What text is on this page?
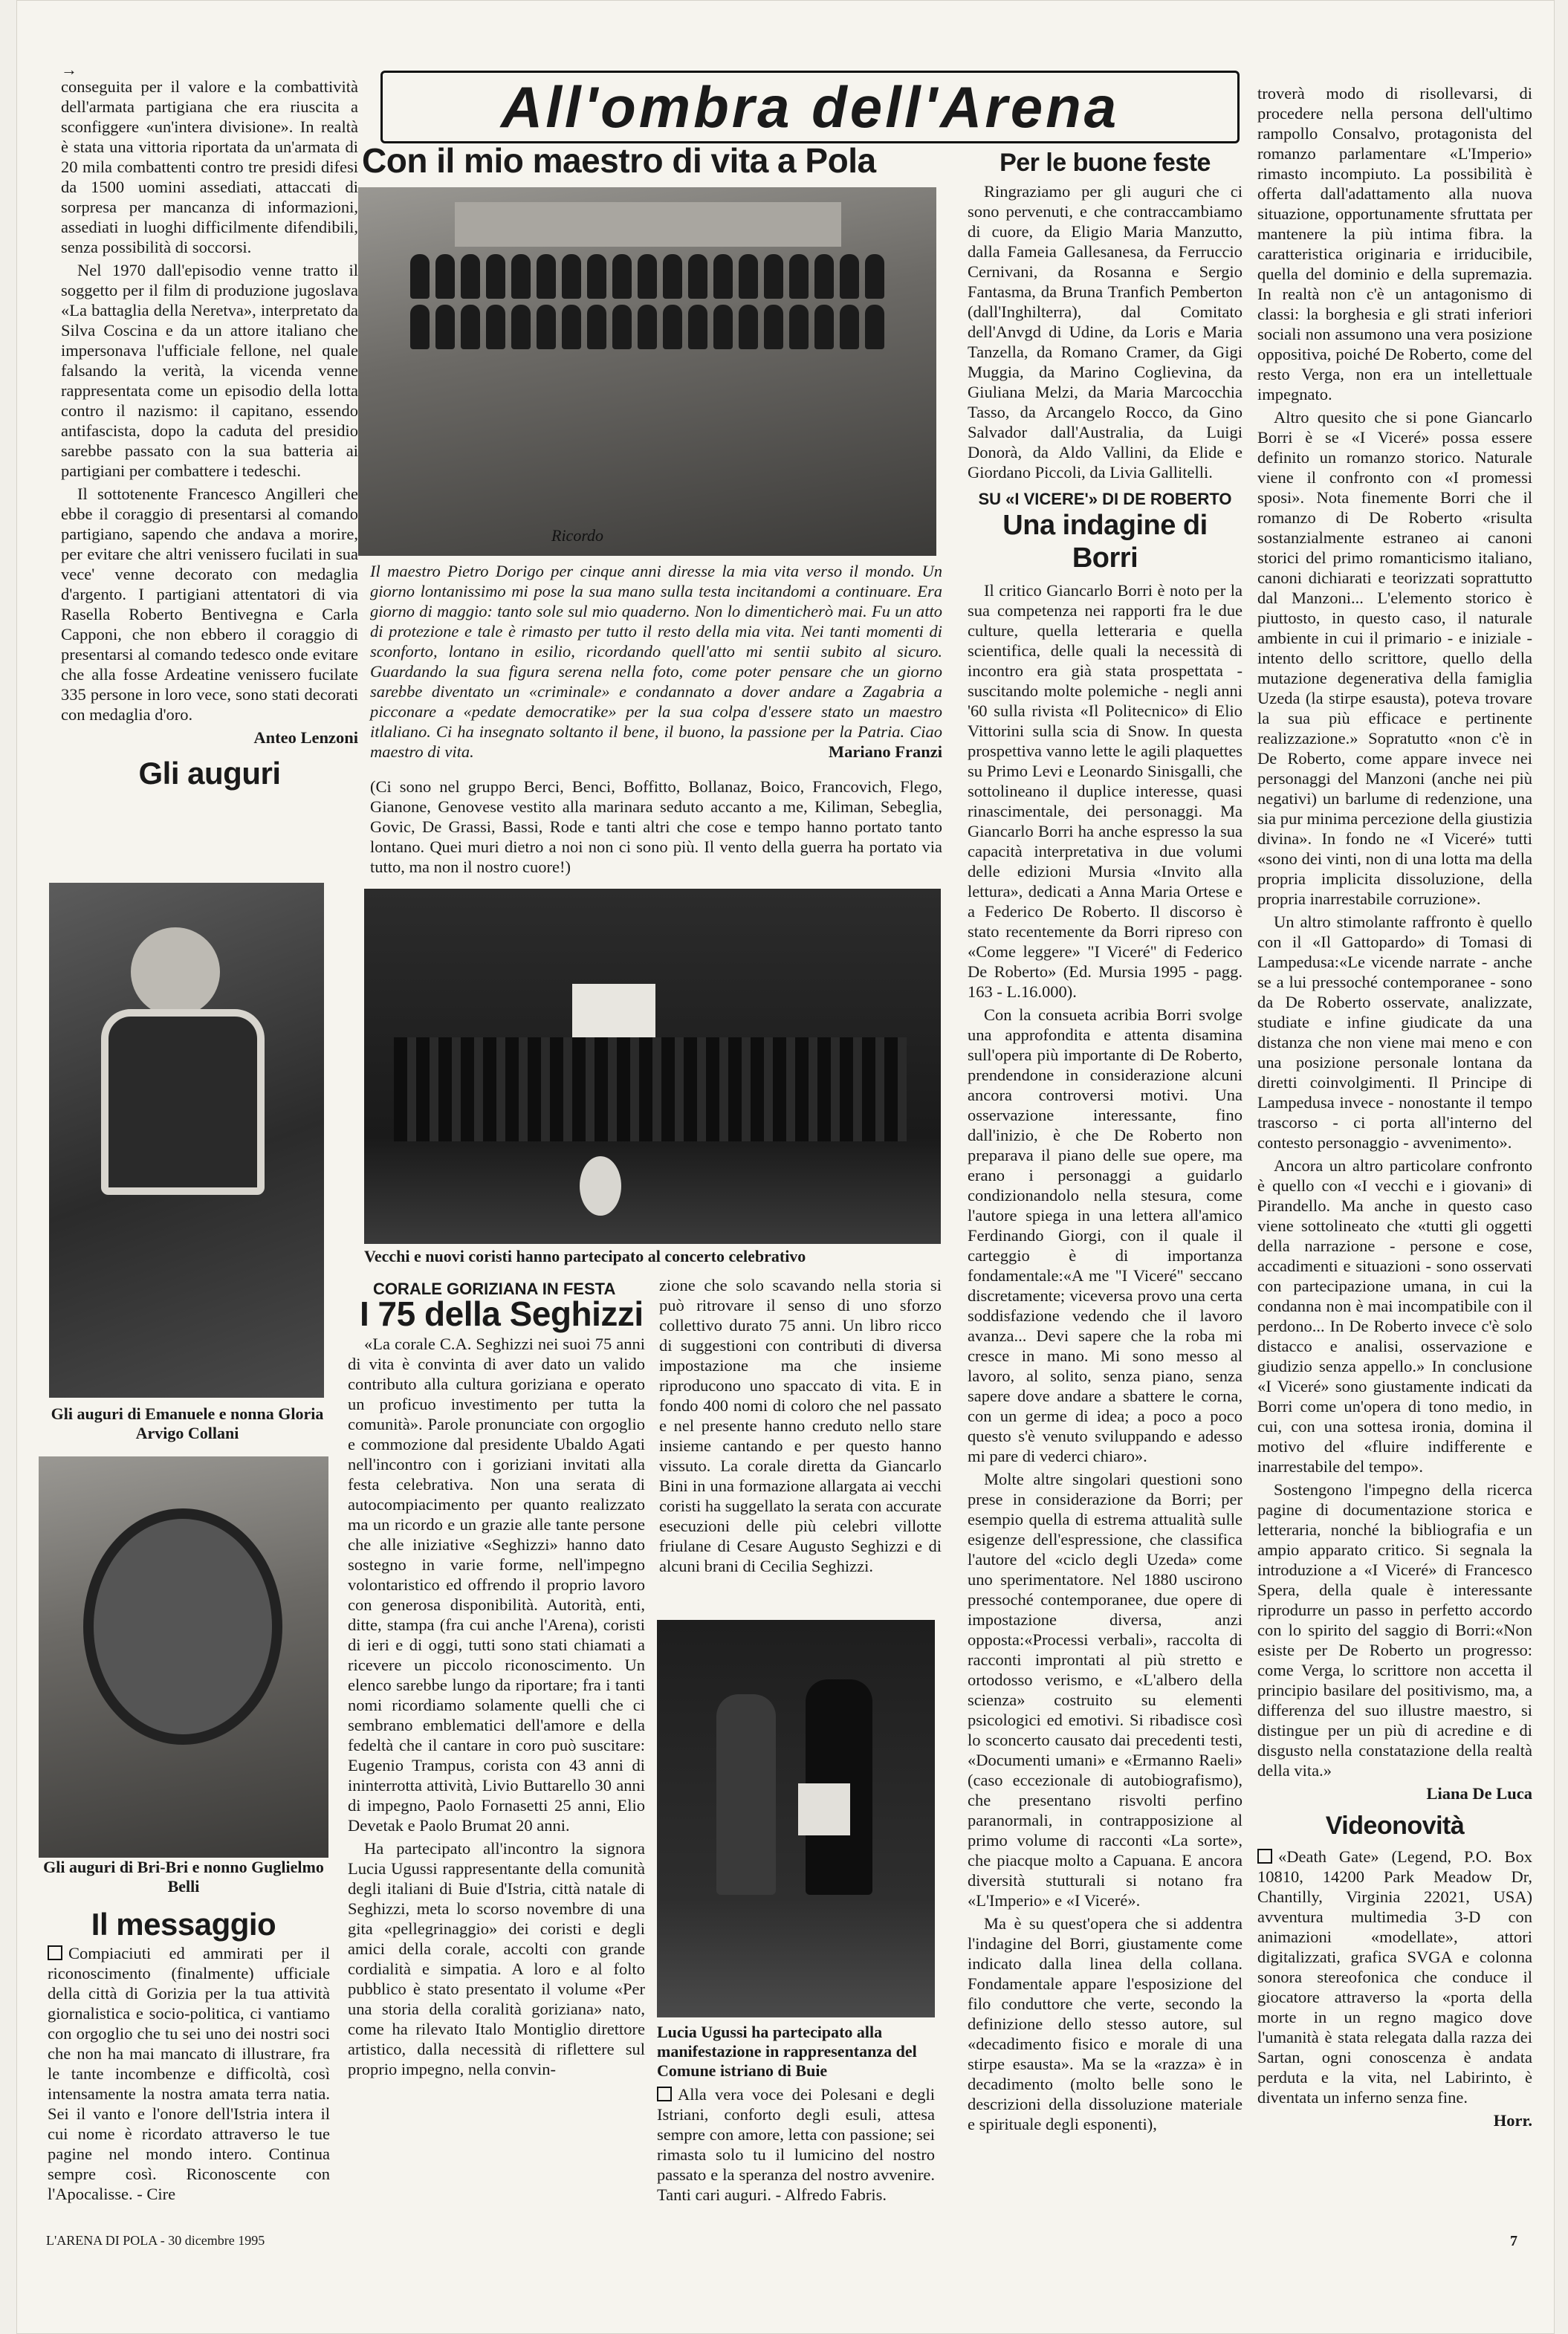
All'ombra dell'Arena
→

conseguita per il valore e la combattività dell'armata partigiana che era riuscita a sconfiggere «un'intera divisione». In realtà è stata una vittoria riportata da un'armata di 20 mila combattenti contro tre presidi difesi da 1500 uomini assediati, attaccati di sorpresa per mancanza di informazioni, assediati in luoghi difficilmente difendibili, senza possibilità di soccorsi.

Nel 1970 dall'episodio venne tratto il soggetto per il film di produzione jugoslava «La battaglia della Neretva», interpretato da Silva Coscina e da un attore italiano che impersonava l'ufficiale fellone, nel quale falsando la verità, la vicenda venne rappresentata come un episodio della lotta contro il nazismo: il capitano, essendo antifascista, dopo la caduta del presidio sarebbe passato con la sua batteria ai partigiani per combattere i tedeschi.

Il sottotenente Francesco Angilleri che ebbe il coraggio di presentarsi al comando partigiano, sapendo che andava a morire, per evitare che altri venissero fucilati in sua vece' venne decorato con medaglia d'argento. I partigiani attentatori di via Rasella Roberto Bentivegna e Carla Capponi, che non ebbero il coraggio di presentarsi al comando tedesco onde evitare che alla fosse Ardeatine venissero fucilate 335 persone in loro vece, sono stati decorati con medaglia d'oro.

Anteo Lenzoni
Gli auguri
Gli auguri di Emanuele e nonna Gloria Arvigo Collani
Gli auguri di Bri-Bri e nonno Guglielmo Belli
Il messaggio

Compiaciuti ed ammirati per il riconoscimento (finalmente) ufficiale della città di Gorizia per la tua attività giornalistica e socio-politica, ci vantiamo con orgoglio che tu sei uno dei nostri soci che non ha mai mancato di illustrare, fra le tante incombenze e difficoltà, così intensamente la nostra amata terra natia. Sei il vanto e l'onore dell'Istria intera il cui nome è ricordato attraverso le tue pagine nel mondo intero. Continua sempre così. Riconoscente con l'Apocalisse. - Cire

Con il mio maestro di vita a Pola
Ricordo
Il maestro Pietro Dorigo per cinque anni diresse la mia vita verso il mondo. Un giorno lontanissimo mi pose la sua mano sulla testa incitandomi a continuare. Era giorno di maggio: tanto sole sul mio quaderno. Non lo dimenticherò mai. Fu un atto di protezione e tale è rimasto per tutto il resto della mia vita. Nei tanti momenti di sconforto, lontano in esilio, ricordando quell'atto mi sentii subito al sicuro. Guardando la sua figura serena nella foto, come poter pensare che un giorno sarebbe diventato un «criminale» e condannato a dover andare a Zagabria a picconare a «pedate democratike» per la sua colpa d'essere stato un maestro itlaliano. Ci ha insegnato soltanto il bene, il buono, la passione per la Patria. Ciao maestro di vita.	Mariano Franzi

(Ci sono nel gruppo Berci, Benci, Boffitto, Bollanaz, Boico, Francovich, Flego, Gianone, Genovese vestito alla marinara seduto accanto a me, Kiliman, Sebeglia, Govic, De Grassi, Bassi, Rode e tanti altri che cose e tempo hanno portato tanto lontano. Quei muri dietro a noi non ci sono più. Il vento della guerra ha portato via tutto, ma non il nostro cuore!)

Vecchi e nuovi coristi hanno partecipato al concerto celebrativo
CORALE GORIZIANA IN FESTA
I 75 della Seghizzi

«La corale C.A. Seghizzi nei suoi 75 anni di vita è convinta di aver dato un valido contributo alla cultura goriziana e operato un proficuo investimento per tutta la comunità». Parole pronunciate con orgoglio e commozione dal presidente Ubaldo Agati nell'incontro con i goriziani invitati alla festa celebrativa. Non una serata di autocompiacimento per quanto realizzato ma un ricordo e un grazie alle tante persone che alle iniziative «Seghizzi» hanno dato sostegno in varie forme, nell'impegno volontaristico ed offrendo il proprio lavoro con generosa disponibilità. Autorità, enti, ditte, stampa (fra cui anche l'Arena), coristi di ieri e di oggi, tutti sono stati chiamati a ricevere un piccolo riconoscimento. Un elenco sarebbe lungo da riportare; fra i tanti nomi ricordiamo solamente quelli che ci sembrano emblematici dell'amore e della fedeltà che il cantare in coro può suscitare: Eugenio Trampus, corista con 43 anni di ininterrotta attività, Livio Buttarello 30 anni di impegno, Paolo Fornasetti 25 anni, Elio Devetak e Paolo Brumat 20 anni.

Ha partecipato all'incontro la signora Lucia Ugussi rappresentante della comunità degli italiani di Buie d'Istria, città natale di Seghizzi, meta lo scorso novembre di una gita «pellegrinaggio» dei coristi e degli amici della corale, accolti con grande cordialità e simpatia. A loro e al folto pubblico è stato presentato il volume «Per una storia della coralità goriziana» nato, come ha rilevato Italo Montiglio direttore artistico, dalla necessità di riflettere sul proprio impegno, nella convin-

zione che solo scavando nella storia si può ritrovare il senso di uno sforzo collettivo durato 75 anni. Un libro ricco di suggestioni con contributi di diversa impostazione ma che insieme riproducono uno spaccato di vita. E in fondo 400 nomi di coloro che nel passato e nel presente hanno creduto nello stare insieme cantando e per questo hanno vissuto. La corale diretta da Giancarlo Bini in una formazione allargata ai vecchi coristi ha suggellato la serata con accurate esecuzioni delle più celebri villotte friulane di Cesare Augusto Seghizzi e di alcuni brani di Cecilia Seghizzi.

Lucia Ugussi ha partecipato alla manifestazione in rappresentanza del Comune istriano di Buie

Alla vera voce dei Polesani e degli Istriani, conforto degli esuli, attesa sempre con amore, letta con passione; sei rimasta solo tu il lumicino del nostro passato e la speranza del nostro avvenire. Tanti cari auguri. - Alfredo Fabris.

Per le buone feste

Ringraziamo per gli auguri che ci sono pervenuti, e che contraccambiamo di cuore, da Eligio Maria Manzutto, dalla Fameia Gallesanesa, da Ferruccio Cernivani, da Rosanna e Sergio Fantasma, da Bruna Tranfich Pemberton (dall'Inghilterra), dal Comitato dell'Anvgd di Udine, da Loris e Maria Tanzella, da Romano Cramer, da Gigi Muggia, da Marino Coglievina, da Giuliana Melzi, da Maria Marcocchia Tasso, da Arcangelo Rocco, da Gino Salvador dall'Australia, da Luigi Donorà, da Aldo Vallini, da Elide e Giordano Piccoli, da Livia Gallitelli.

SU «I VICERE'» DI DE ROBERTO
Una indagine di Borri

Il critico Giancarlo Borri è noto per la sua competenza nei rapporti fra le due culture, quella letteraria e quella scientifica, delle quali la necessità di incontro era già stata prospettata - suscitando molte polemiche - negli anni '60 sulla rivista «Il Politecnico» di Elio Vittorini sulla scia di Snow. In questa prospettiva vanno lette le agili plaquettes su Primo Levi e Leonardo Sinisgalli, che sottolineano il duplice interesse, quasi rinascimentale, dei personaggi. Ma Giancarlo Borri ha anche espresso la sua capacità interpretativa in due volumi delle edizioni Mursia «Invito alla lettura», dedicati a Anna Maria Ortese e a Federico De Roberto. Il discorso è stato recentemente da Borri ripreso con «Come leggere» "I Viceré" di Federico De Roberto» (Ed. Mursia 1995 - pagg. 163 - L.16.000).

Con la consueta acribia Borri svolge una approfondita e attenta disamina sull'opera più importante di De Roberto, prendendone in considerazione alcuni ancora controversi motivi. Una osservazione interessante, fino dall'inizio, è che De Roberto non preparava il piano delle sue opere, ma erano i personaggi a guidarlo condizionandolo nella stesura, come l'autore spiega in una lettera all'amico Ferdinando Giorgi, con il quale il carteggio è di importanza fondamentale:«A me "I Viceré" seccano discretamente; viceversa provo una certa soddisfazione vedendo che il lavoro avanza... Devi sapere che la roba mi cresce in mano. Mi sono messo al lavoro, al solito, senza piano, senza sapere dove andare a sbattere le corna, con un germe di idea; a poco a poco questo s'è venuto sviluppando e adesso mi pare di vederci chiaro».

Molte altre singolari questioni sono prese in considerazione da Borri; per esempio quella di estrema attualità sulle esigenze dell'espressione, che classifica l'autore del «ciclo degli Uzeda» come uno sperimentatore. Nel 1880 uscirono pressoché contemporanee, due opere di impostazione diversa, anzi opposta:«Processi verbali», raccolta di racconti improntati al più stretto e ortodosso verismo, e «L'albero della scienza» costruito su elementi psicologici ed emotivi. Si ribadisce così lo sconcerto causato dai precedenti testi, «Documenti umani» e «Ermanno Raeli» (caso eccezionale di autobiografismo), che presentano risvolti perfino paranormali, in contrapposizione al primo volume di racconti «La sorte», che piacque molto a Capuana. E ancora diversità stutturali si notano fra «L'Imperio» e «I Viceré».

Ma è su quest'opera che si addentra l'indagine del Borri, giustamente come indicato dalla linea della collana. Fondamentale appare l'esposizione del filo conduttore che verte, secondo la definizione dello stesso autore, sul «decadimento fisico e morale di una stirpe esausta». Ma se la «razza» è in decadimento (molto belle sono le descrizioni della dissoluzione materiale e spirituale degli esponenti),

troverà modo di risollevarsi, di procedere nella persona dell'ultimo rampollo Consalvo, protagonista del romanzo parlamentare «L'Imperio» rimasto incompiuto. La possibilità è offerta dall'adattamento alla nuova situazione, opportunamente sfruttata per mantenere la più intima fibra. la caratteristica originaria e irriducibile, quella del dominio e della supremazia. In realtà non c'è un antagonismo di classi: la borghesia e gli strati inferiori sociali non assumono una vera posizione oppositiva, poiché De Roberto, come del resto Verga, non era un intellettuale impegnato.

Altro quesito che si pone Giancarlo Borri è se «I Viceré» possa essere definito un romanzo storico. Naturale viene il confronto con «I promessi sposi». Nota finemente Borri che il romanzo di De Roberto «risulta sostanzialmente estraneo ai canoni storici del primo romanticismo italiano, canoni dichiarati e teorizzati soprattutto dal Manzoni... L'elemento storico è piuttosto, in questo caso, il naturale ambiente in cui il primario - e iniziale - intento dello scrittore, quello della mutazione degenerativa della famiglia Uzeda (la stirpe esausta), poteva trovare la sua più efficace e pertinente realizzazione.» Sopratutto «non c'è in De Roberto, come appare invece nei personaggi del Manzoni (anche nei più negativi) un barlume di redenzione, una sia pur minima percezione della giustizia divina». In fondo ne «I Viceré» tutti «sono dei vinti, non di una lotta ma della propria implicita dissoluzione, della propria inarrestabile corruzione».

Un altro stimolante raffronto è quello con il «Il Gattopardo» di Tomasi di Lampedusa:«Le vicende narrate - anche se a lui pressoché contemporanee - sono da De Roberto osservate, analizzate, studiate e infine giudicate da una distanza che non viene mai meno e con una posizione personale lontana da diretti coinvolgimenti. Il Principe di Lampedusa invece - nonostante il tempo trascorso - ci porta all'interno del contesto personaggio - avvenimento».

Ancora un altro particolare confronto è quello con «I vecchi e i giovani» di Pirandello. Ma anche in questo caso viene sottolineato che «tutti gli oggetti della narrazione - persone e cose, accadimenti e situazioni - sono osservati con partecipazione umana, in cui la condanna non è mai incompatibile con il perdono... In De Roberto invece c'è solo distacco e analisi, osservazione e giudizio senza appello.» In conclusione «I Viceré» sono giustamente indicati da Borri come un'opera di tono medio, in cui, con una sottesa ironia, domina il motivo del «fluire indifferente e inarrestabile del tempo».

Sostengono l'impegno della ricerca pagine di documentazione storica e letteraria, nonché la bibliografia e un ampio apparato critico. Si segnala la introduzione a «I Viceré» di Francesco Spera, della quale è interessante riprodurre un passo in perfetto accordo con lo spirito del saggio di Borri:«Non esiste per De Roberto un progresso: come Verga, lo scrittore non accetta il principio basilare del positivismo, ma, a differenza del suo illustre maestro, si distingue per un più di acredine e di disgusto nella constatazione della realtà della vita.»

Liana De Luca
Videonovità

«Death Gate» (Legend, P.O. Box 10810, 14200 Park Meadow Dr, Chantilly, Virginia 22021, USA) avventura multimedia 3-D con animazioni «modellate», attori digitalizzati, grafica SVGA e colonna sonora stereofonica che conduce il giocatore attraverso la «porta della morte in un regno magico dove l'umanità è stata relegata dalla razza dei Sartan, ogni conoscenza è andata perduta e la vita, nel Labirinto, è diventata un inferno senza fine.

Horr.
L'ARENA DI POLA - 30 dicembre 1995	7
